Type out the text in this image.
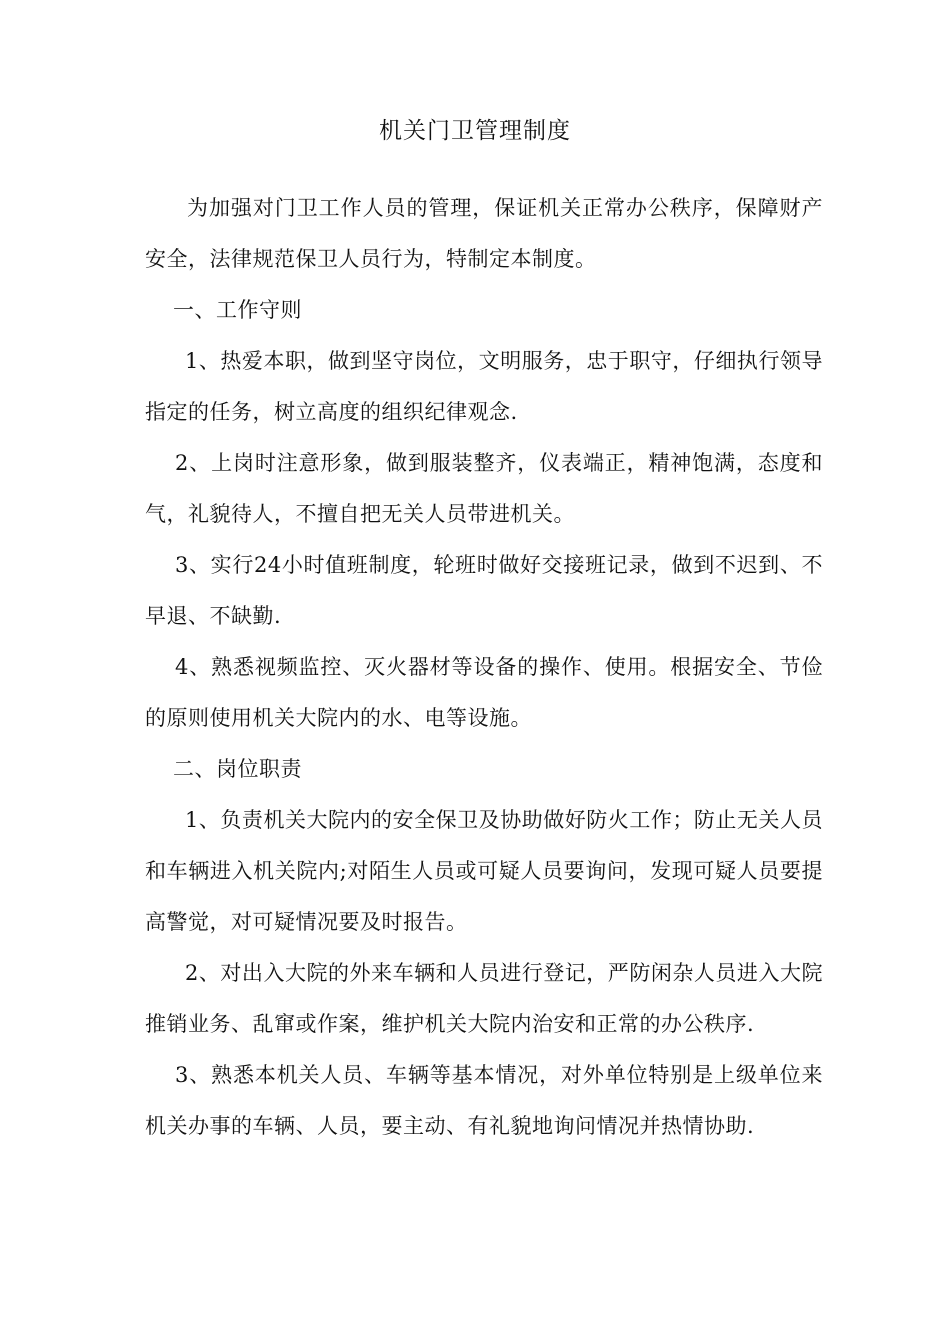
机关门卫管理制度

为加强对门卫工作人员的管理，保证机关正常办公秩序，保障财产安全，法律规范保卫人员行为，特制定本制度。

一、工作守则

1、热爱本职，做到坚守岗位，文明服务，忠于职守，仔细执行领导指定的任务，树立高度的组织纪律观念.

2、上岗时注意形象，做到服装整齐，仪表端正，精神饱满，态度和气，礼貌待人，不擅自把无关人员带进机关。

3、实行24小时值班制度，轮班时做好交接班记录，做到不迟到、不早退、不缺勤.

4、熟悉视频监控、灭火器材等设备的操作、使用。根据安全、节俭的原则使用机关大院内的水、电等设施。

二、岗位职责

1、负责机关大院内的安全保卫及协助做好防火工作；防止无关人员和车辆进入机关院内;对陌生人员或可疑人员要询问，发现可疑人员要提高警觉，对可疑情况要及时报告。

2、对出入大院的外来车辆和人员进行登记，严防闲杂人员进入大院推销业务、乱窜或作案，维护机关大院内治安和正常的办公秩序.

3、熟悉本机关人员、车辆等基本情况，对外单位特别是上级单位来机关办事的车辆、人员，要主动、有礼貌地询问情况并热情协助.
